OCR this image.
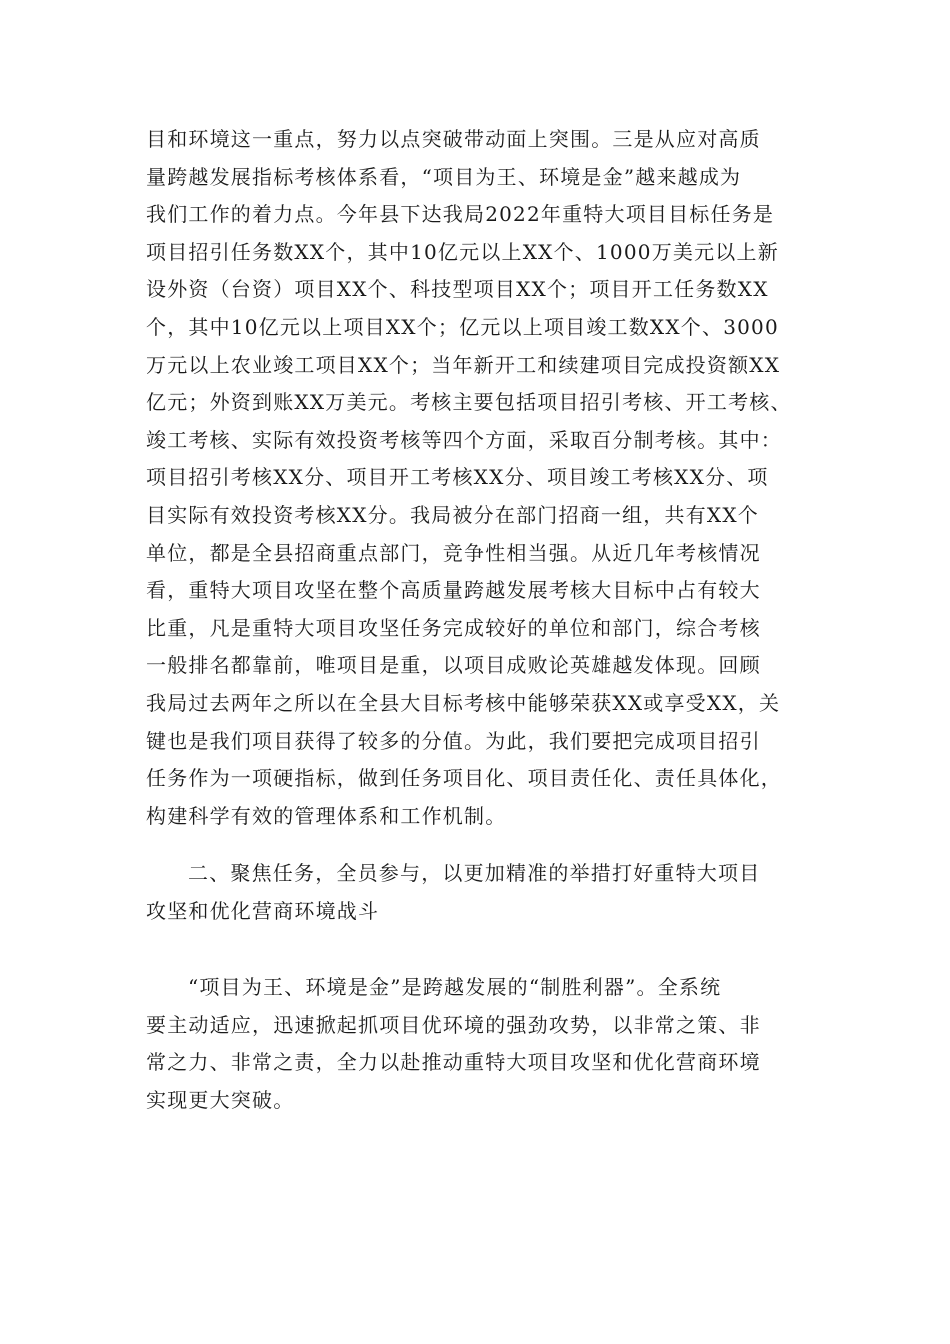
目和环境这一重点，努力以点突破带动面上突围。三是从应对高质
量跨越发展指标考核体系看，“项目为王、环境是金”越来越成为
我们工作的着力点。今年县下达我局2022年重特大项目目标任务是
项目招引任务数XX个，其中10亿元以上XX个、1000万美元以上新
设外资（台资）项目XX个、科技型项目XX个；项目开工任务数XX
个，其中10亿元以上项目XX个；亿元以上项目竣工数XX个、3000
万元以上农业竣工项目XX个；当年新开工和续建项目完成投资额XX
亿元；外资到账XX万美元。考核主要包括项目招引考核、开工考核、
竣工考核、实际有效投资考核等四个方面，采取百分制考核。其中：
项目招引考核XX分、项目开工考核XX分、项目竣工考核XX分、项
目实际有效投资考核XX分。我局被分在部门招商一组，共有XX个
单位，都是全县招商重点部门，竞争性相当强。从近几年考核情况
看，重特大项目攻坚在整个高质量跨越发展考核大目标中占有较大
比重，凡是重特大项目攻坚任务完成较好的单位和部门，综合考核
一般排名都靠前，唯项目是重，以项目成败论英雄越发体现。回顾
我局过去两年之所以在全县大目标考核中能够荣获XX或享受XX，关
键也是我们项目获得了较多的分值。为此，我们要把完成项目招引
任务作为一项硬指标，做到任务项目化、项目责任化、责任具体化，
构建科学有效的管理体系和工作机制。
二、聚焦任务，全员参与，以更加精准的举措打好重特大项目
攻坚和优化营商环境战斗
“项目为王、环境是金”是跨越发展的“制胜利器”。全系统
要主动适应，迅速掀起抓项目优环境的强劲攻势，以非常之策、非
常之力、非常之责，全力以赴推动重特大项目攻坚和优化营商环境
实现更大突破。
